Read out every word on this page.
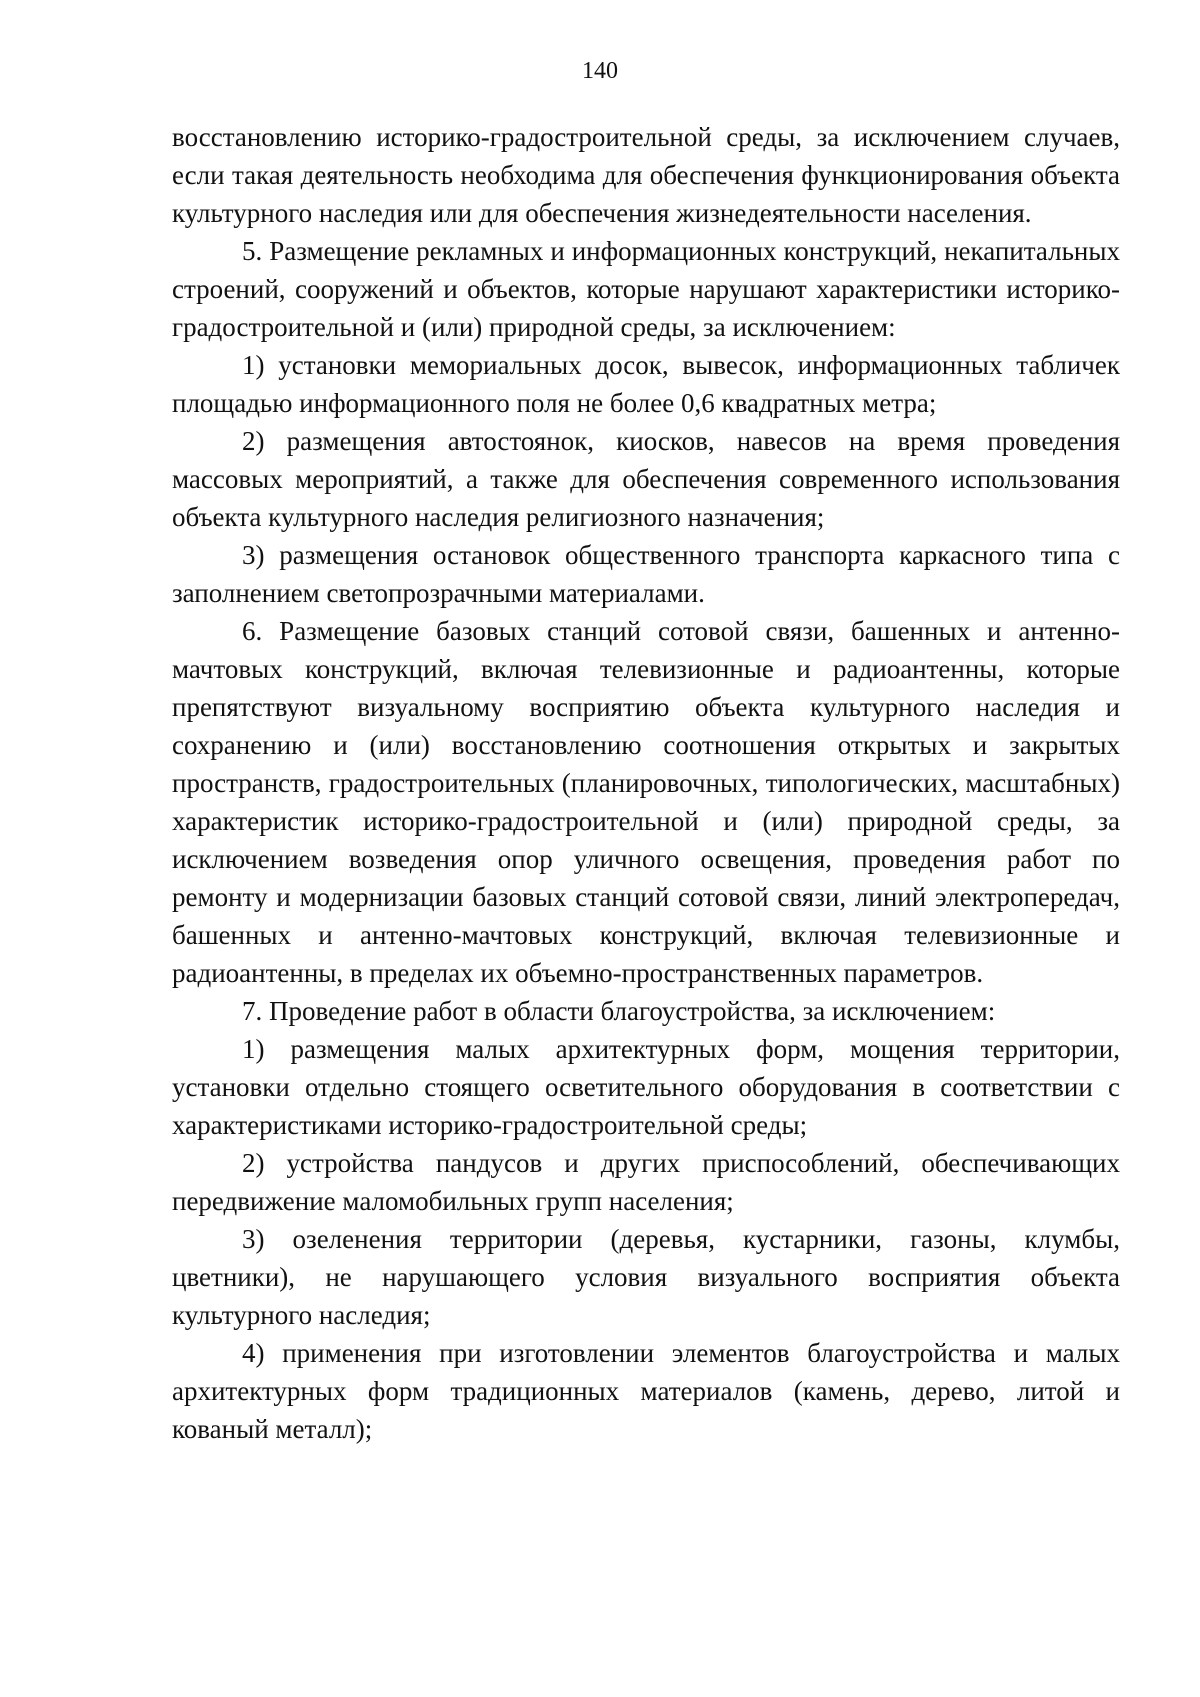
140

восстановлению историко-градостроительной среды, за исключением случаев, если такая деятельность необходима для обеспечения функционирования объекта культурного наследия или для обеспечения жизнедеятельности населения.

5. Размещение рекламных и информационных конструкций, некапитальных строений, сооружений и объектов, которые нарушают характеристики историко-градостроительной и (или) природной среды, за исключением:

1) установки мемориальных досок, вывесок, информационных табличек площадью информационного поля не более 0,6 квадратных метра;

2) размещения автостоянок, киосков, навесов на время проведения массовых мероприятий, а также для обеспечения современного использования объекта культурного наследия религиозного назначения;

3) размещения остановок общественного транспорта каркасного типа с заполнением светопрозрачными материалами.

6. Размещение базовых станций сотовой связи, башенных и антенно-мачтовых конструкций, включая телевизионные и радиоантенны, которые препятствуют визуальному восприятию объекта культурного наследия и сохранению и (или) восстановлению соотношения открытых и закрытых пространств, градостроительных (планировочных, типологических, масштабных) характеристик историко-градостроительной и (или) природной среды, за исключением возведения опор уличного освещения, проведения работ по ремонту и модернизации базовых станций сотовой связи, линий электропередач, башенных и антенно-мачтовых конструкций, включая телевизионные и радиоантенны, в пределах их объемно-пространственных параметров.

7. Проведение работ в области благоустройства, за исключением:

1) размещения малых архитектурных форм, мощения территории, установки отдельно стоящего осветительного оборудования в соответствии с характеристиками историко-градостроительной среды;

2) устройства пандусов и других приспособлений, обеспечивающих передвижение маломобильных групп населения;

3) озеленения территории (деревья, кустарники, газоны, клумбы, цветники), не нарушающего условия визуального восприятия объекта культурного наследия;

4) применения при изготовлении элементов благоустройства и малых архитектурных форм традиционных материалов (камень, дерево, литой и кованый металл);
